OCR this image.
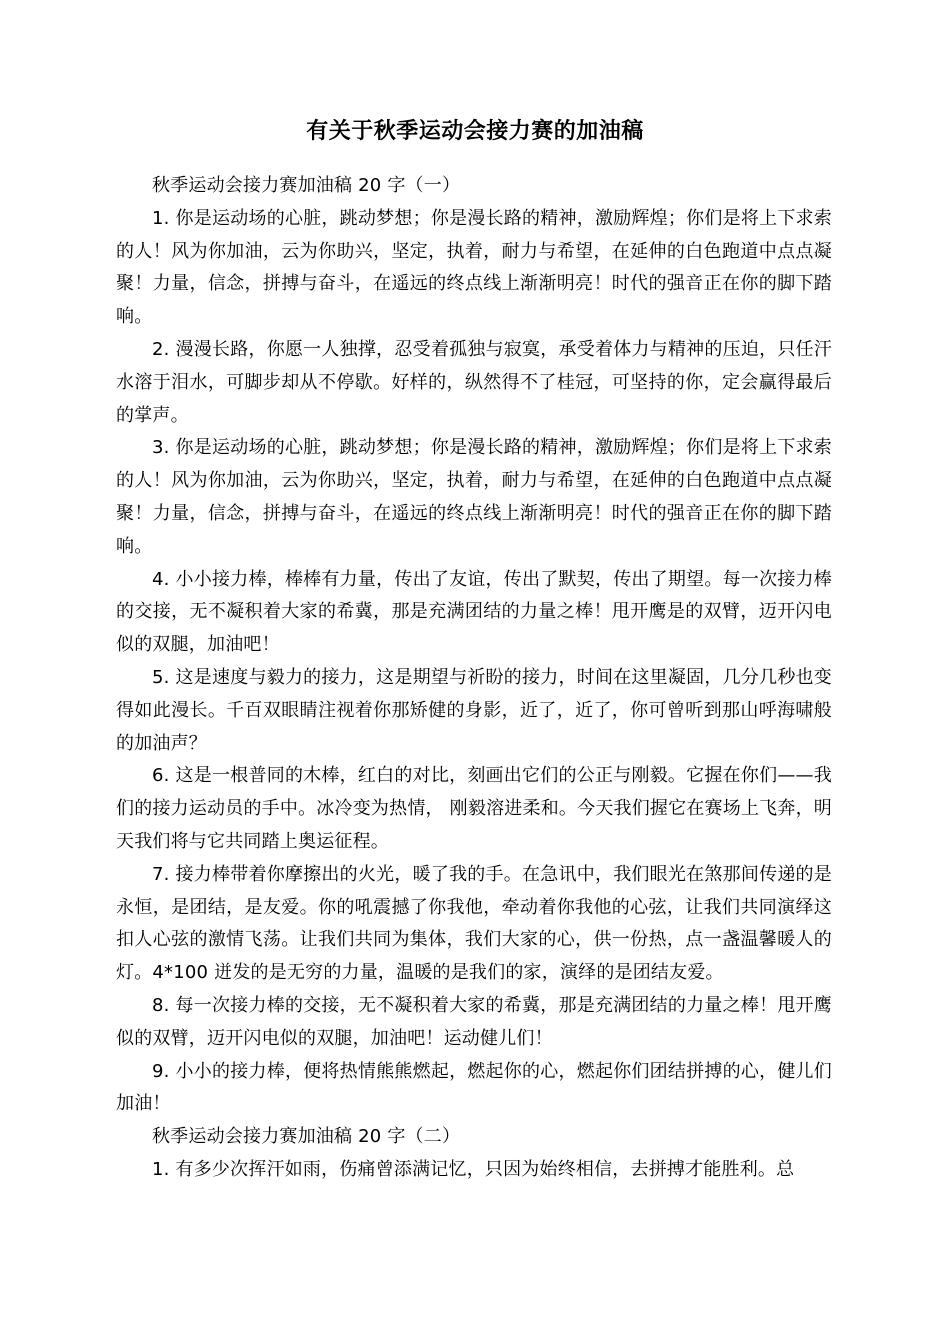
有关于秋季运动会接力赛的加油稿

秋季运动会接力赛加油稿 20 字（一）

1. 你是运动场的心脏，跳动梦想；你是漫长路的精神，激励辉煌；你们是将上下求索的人！风为你加油，云为你助兴，坚定，执着，耐力与希望，在延伸的白色跑道中点点凝聚！力量，信念，拼搏与奋斗，在遥远的终点线上渐渐明亮！时代的强音正在你的脚下踏响。

2. 漫漫长路，你愿一人独撑，忍受着孤独与寂寞，承受着体力与精神的压迫，只任汗水溶于泪水，可脚步却从不停歇。好样的，纵然得不了桂冠，可坚持的你，定会赢得最后的掌声。

3. 你是运动场的心脏，跳动梦想；你是漫长路的精神，激励辉煌；你们是将上下求索的人！风为你加油，云为你助兴，坚定，执着，耐力与希望，在延伸的白色跑道中点点凝聚！力量，信念，拼搏与奋斗，在遥远的终点线上渐渐明亮！时代的强音正在你的脚下踏响。

4. 小小接力棒，棒棒有力量，传出了友谊，传出了默契，传出了期望。每一次接力棒的交接，无不凝积着大家的希冀，那是充满团结的力量之棒！甩开鹰是的双臂，迈开闪电似的双腿，加油吧！

5. 这是速度与毅力的接力，这是期望与祈盼的接力，时间在这里凝固，几分几秒也变得如此漫长。千百双眼睛注视着你那矫健的身影，近了，近了，你可曾听到那山呼海啸般的加油声？

6. 这是一根普同的木棒，红白的对比，刻画出它们的公正与刚毅。它握在你们——我们的接力运动员的手中。冰冷变为热情， 刚毅溶进柔和。今天我们握它在赛场上飞奔，明天我们将与它共同踏上奥运征程。

7. 接力棒带着你摩擦出的火光，暖了我的手。在急讯中，我们眼光在煞那间传递的是永恒，是团结，是友爱。你的吼震撼了你我他，牵动着你我他的心弦，让我们共同演绎这扣人心弦的激情飞荡。让我们共同为集体，我们大家的心，供一份热，点一盏温馨暖人的灯。4*100 迸发的是无穷的力量，温暖的是我们的家，演绎的是团结友爱。

8. 每一次接力棒的交接，无不凝积着大家的希冀，那是充满团结的力量之棒！甩开鹰似的双臂，迈开闪电似的双腿，加油吧！运动健儿们！

9. 小小的接力棒，便将热情熊熊燃起，燃起你的心，燃起你们团结拼搏的心，健儿们加油！

秋季运动会接力赛加油稿 20 字（二）

1. 有多少次挥汗如雨，伤痛曾添满记忆，只因为始终相信，去拼搏才能胜利。总
